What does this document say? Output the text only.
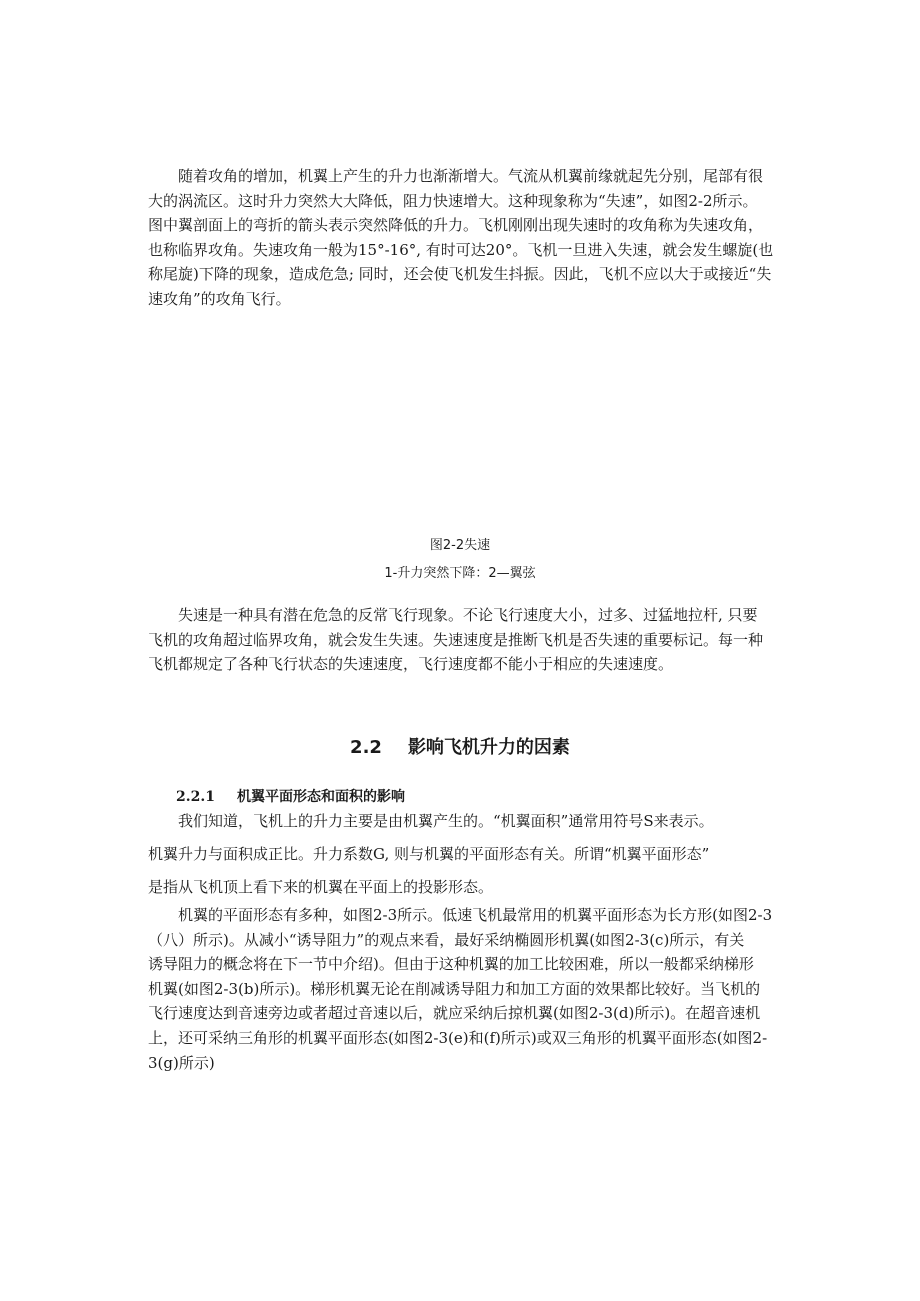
随着攻角的增加，机翼上产生的升力也渐渐增大。气流从机翼前缘就起先分别，尾部有很
大的涡流区。这时升力突然大大降低，阻力快速增大。这种现象称为“失速”，如图2-2所示。
图中翼剖面上的弯折的箭头表示突然降低的升力。飞机刚刚出现失速时的攻角称为失速攻角，
也称临界攻角。失速攻角一般为15°-16°, 有时可达20°。飞机一旦进入失速，就会发生螺旋(也
称尾旋)下降的现象，造成危急; 同时，还会使飞机发生抖振。因此，飞机不应以大于或接近“失
速攻角”的攻角飞行。

图2-2失速

1-升力突然下降：2—翼弦

失速是一种具有潜在危急的反常飞行现象。不论飞行速度大小，过多、过猛地拉杆, 只要
飞机的攻角超过临界攻角，就会发生失速。失速速度是推断飞机是否失速的重要标记。每一种
飞机都规定了各种飞行状态的失速速度，飞行速度都不能小于相应的失速速度。
2.2 影响飞机升力的因素
2.2.1 机翼平面形态和面积的影响

我们知道，飞机上的升力主要是由机翼产生的。“机翼面积”通常用符号S来表示。

机翼升力与面积成正比。升力系数G, 则与机翼的平面形态有关。所谓“机翼平面形态”

是指从飞机顶上看下来的机翼在平面上的投影形态。

机翼的平面形态有多种，如图2-3所示。低速飞机最常用的机翼平面形态为长方形(如图2-3
（八）所示)。从减小“诱导阻力”的观点来看，最好采纳椭圆形机翼(如图2-3(c)所示，有关
诱导阻力的概念将在下一节中介绍)。但由于这种机翼的加工比较困难，所以一般都采纳梯形
机翼(如图2-3(b)所示)。梯形机翼无论在削减诱导阻力和加工方面的效果都比较好。当飞机的
飞行速度达到音速旁边或者超过音速以后，就应采纳后掠机翼(如图2-3(d)所示)。在超音速机
上，还可采纳三角形的机翼平面形态(如图2-3(e)和(f)所示)或双三角形的机翼平面形态(如图2-
3(g)所示)
